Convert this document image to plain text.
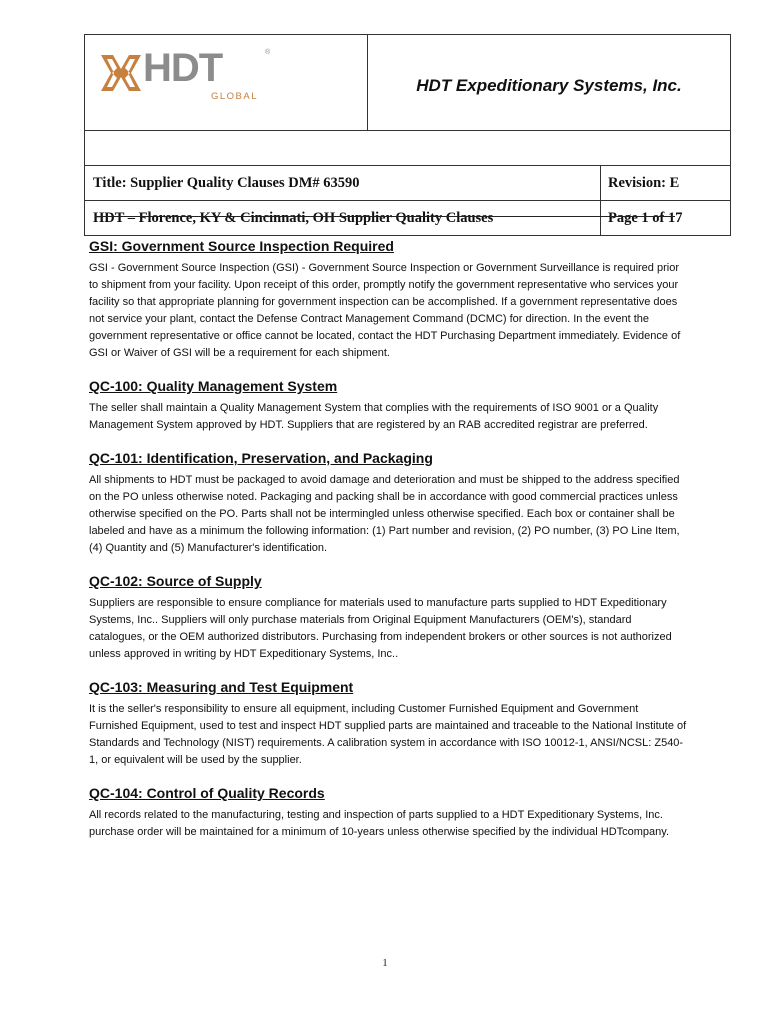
HDT	®
GLOBAL
HDT Expeditionary Systems, Inc.
Title: Supplier Quality Clauses DM# 63590	Revision: E
HDT – Florence, KY & Cincinnati, OH Supplier Quality Clauses	Page 1 of 17
GSI: Government Source Inspection Required

GSI - Government Source Inspection (GSI) - Government Source Inspection or Government Surveillance is required prior to shipment from your facility. Upon receipt of this order, promptly notify the government representative who services your facility so that appropriate planning for government inspection can be accomplished. If a government representative does not service your plant, contact the Defense Contract Management Command (DCMC) for direction. In the event the government representative or office cannot be located, contact the HDT Purchasing Department immediately. Evidence of GSI or Waiver of GSI will be a requirement for each shipment.

QC-100: Quality Management System

The seller shall maintain a Quality Management System that complies with the requirements of ISO 9001 or a Quality Management System approved by HDT. Suppliers that are registered by an RAB accredited registrar are preferred.

QC-101: Identification, Preservation, and Packaging

All shipments to HDT must be packaged to avoid damage and deterioration and must be shipped to the address specified on the PO unless otherwise noted. Packaging and packing shall be in accordance with good commercial practices unless otherwise specified on the PO. Parts shall not be intermingled unless otherwise specified. Each box or container shall be labeled and have as a minimum the following information: (1) Part number and revision, (2) PO number, (3) PO Line Item, (4) Quantity and (5) Manufacturer's identification.

QC-102: Source of Supply

Suppliers are responsible to ensure compliance for materials used to manufacture parts supplied to HDT Expeditionary Systems, Inc.. Suppliers will only purchase materials from Original Equipment Manufacturers (OEM's), standard catalogues, or the OEM authorized distributors. Purchasing from independent brokers or other sources is not authorized unless approved in writing by HDT Expeditionary Systems, Inc..

QC-103: Measuring and Test Equipment

It is the seller's responsibility to ensure all equipment, including Customer Furnished Equipment and Government Furnished Equipment, used to test and inspect HDT supplied parts are maintained and traceable to the National Institute of Standards and Technology (NIST) requirements. A calibration system in accordance with ISO 10012-1, ANSI/NCSL: Z540-1, or equivalent will be used by the supplier.

QC-104: Control of Quality Records

All records related to the manufacturing, testing and inspection of parts supplied to a HDT Expeditionary Systems, Inc. purchase order will be maintained for a minimum of 10-years unless otherwise specified by the individual HDTcompany.

1
